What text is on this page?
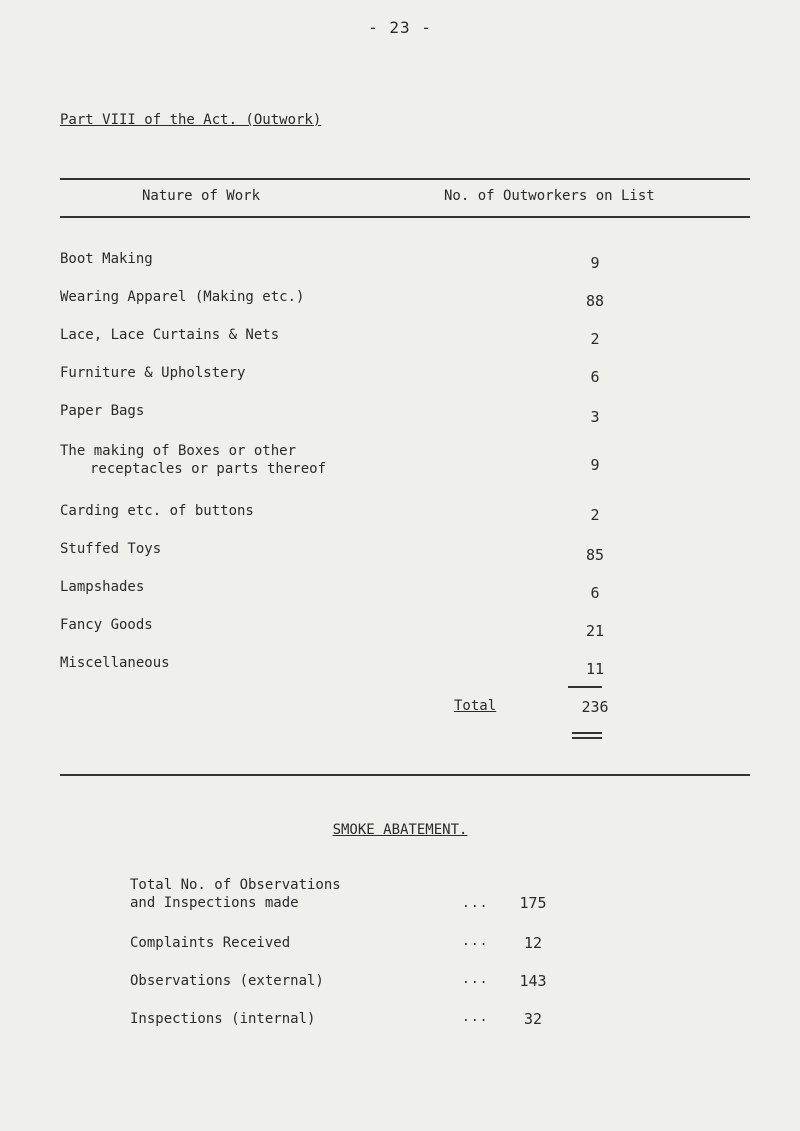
- 23 -
Part VIII of the Act. (Outwork)
Nature of Work	No. of Outworkers on List
Boot Making	9
Wearing Apparel (Making etc.)	88
Lace, Lace Curtains & Nets	2
Furniture & Upholstery	6
Paper Bags	3
The making of Boxes or other
receptacles or parts thereof	9
Carding etc. of buttons	2
Stuffed Toys	85
Lampshades	6
Fancy Goods	21
Miscellaneous	11
Total	236
SMOKE ABATEMENT.
Total No. of Observations
and Inspections made	...	175
Complaints Received	...	12
Observations (external)	...	143
Inspections (internal)	...	32
